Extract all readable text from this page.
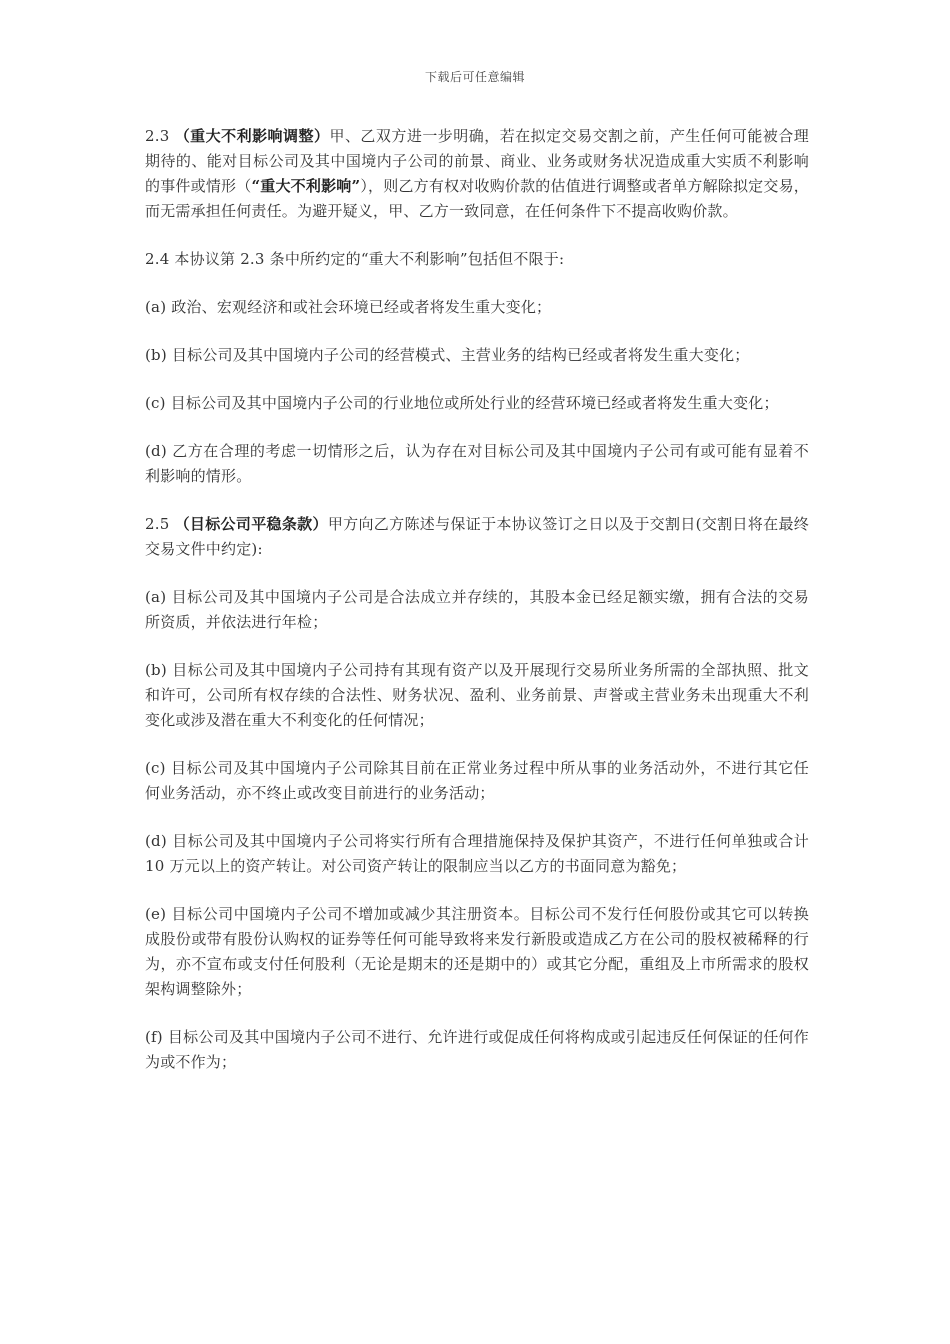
下载后可任意编辑

2.3 （重大不利影响调整）甲、乙双方进一步明确，若在拟定交易交割之前，产生任何可能被合理期待的、能对目标公司及其中国境内子公司的前景、商业、业务或财务状况造成重大实质不利影响的事件或情形（“重大不利影响”），则乙方有权对收购价款的估值进行调整或者单方解除拟定交易，而无需承担任何责任。为避开疑义，甲、乙方一致同意，在任何条件下不提高收购价款。

2.4 本协议第 2.3 条中所约定的“重大不利影响”包括但不限于:

(a) 政治、宏观经济和或社会环境已经或者将发生重大变化；

(b) 目标公司及其中国境内子公司的经营模式、主营业务的结构已经或者将发生重大变化；

(c) 目标公司及其中国境内子公司的行业地位或所处行业的经营环境已经或者将发生重大变化；

(d) 乙方在合理的考虑一切情形之后，认为存在对目标公司及其中国境内子公司有或可能有显着不利影响的情形。

2.5 （目标公司平稳条款）甲方向乙方陈述与保证于本协议签订之日以及于交割日(交割日将在最终交易文件中约定):

(a) 目标公司及其中国境内子公司是合法成立并存续的，其股本金已经足额实缴，拥有合法的交易所资质，并依法进行年检；

(b) 目标公司及其中国境内子公司持有其现有资产以及开展现行交易所业务所需的全部执照、批文和许可，公司所有权存续的合法性、财务状况、盈利、业务前景、声誉或主营业务未出现重大不利变化或涉及潜在重大不利变化的任何情况；

(c) 目标公司及其中国境内子公司除其目前在正常业务过程中所从事的业务活动外，不进行其它任何业务活动，亦不终止或改变目前进行的业务活动；

(d) 目标公司及其中国境内子公司将实行所有合理措施保持及保护其资产，不进行任何单独或合计 10 万元以上的资产转让。对公司资产转让的限制应当以乙方的书面同意为豁免；

(e) 目标公司中国境内子公司不增加或减少其注册资本。目标公司不发行任何股份或其它可以转换成股份或带有股份认购权的证券等任何可能导致将来发行新股或造成乙方在公司的股权被稀释的行为，亦不宣布或支付任何股利（无论是期末的还是期中的）或其它分配，重组及上市所需求的股权架构调整除外；

(f) 目标公司及其中国境内子公司不进行、允许进行或促成任何将构成或引起违反任何保证的任何作为或不作为；
